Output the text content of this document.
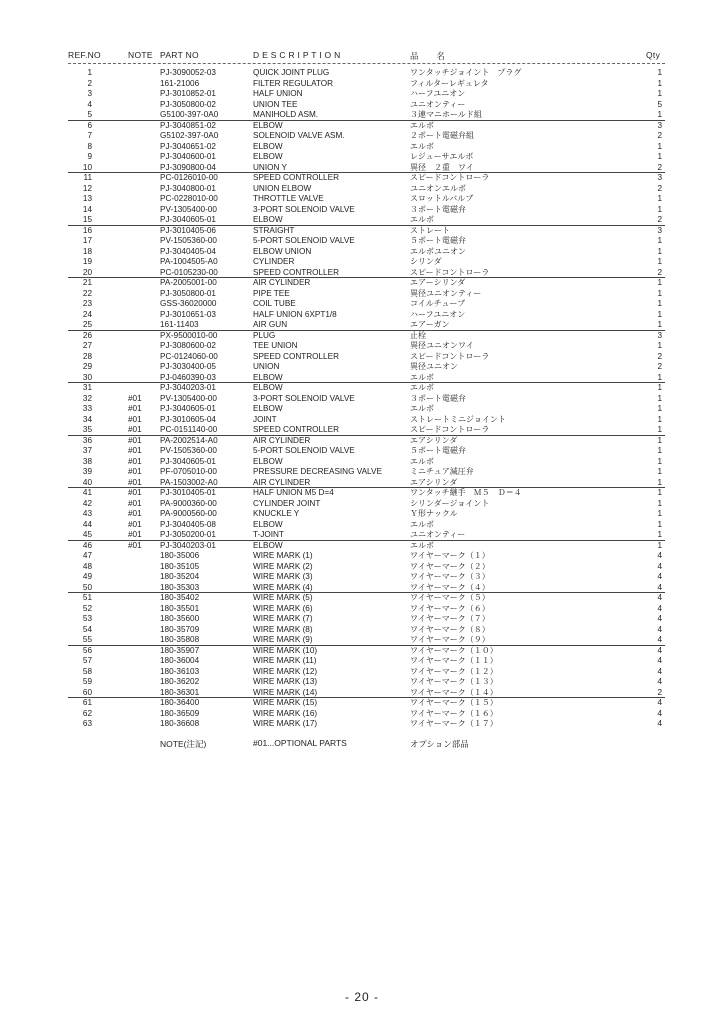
REF.NO	NOTE PART NO	D E S C R I P T I O N	品　　名	Qty
1	PJ-3090052-03	QUICK JOINT PLUG	ワンタッチジョイント　プラグ	1
2	161-21006	FILTER REGULATOR	フィルターレギュレタ	1
3	PJ-3010852-01	HALF UNION	ハーフユニオン	1
4	PJ-3050800-02	UNION TEE	ユニオンティー	5
5	G5100-397-0A0	MANIHOLD ASM.	３連マニホールド組	1
6	PJ-3040851-02	ELBOW	エルボ	3
7	G5102-397-0A0	SOLENOID VALVE ASM.	２ポート電磁弁組	2
8	PJ-3040651-02	ELBOW	エルボ	1
9	PJ-3040600-01	ELBOW	レジューサエルボ	1
10	PJ-3090800-04	UNION Y	異径　２重　ワイ	2
11	PC-0126010-00	SPEED CONTROLLER	スピードコントローラ	3
12	PJ-3040800-01	UNION ELBOW	ユニオンエルボ	2
13	PC-0228010-00	THROTTLE VALVE	スロットルバルブ	1
14	PV-1305400-00	3-PORT SOLENOID VALVE	３ポート電磁弁	1
15	PJ-3040605-01	ELBOW	エルボ	2
16	PJ-3010405-06	STRAIGHT	ストレート	3
17	PV-1505360-00	5-PORT SOLENOID VALVE	５ポート電磁弁	1
18	PJ-3040405-04	ELBOW UNION	エルボユニオン	1
19	PA-1004505-A0	CYLINDER	シリンダ	1
20	PC-0105230-00	SPEED CONTROLLER	スピードコントローラ	2
21	PA-2005001-00	AIR CYLINDER	エアーシリンダ	1
22	PJ-3050800-01	PIPE TEE	異径ユニオンティー	1
23	GSS-36020000	COIL TUBE	コイルチューブ	1
24	PJ-3010651-03	HALF UNION 6XPT1/8	ハーフユニオン	1
25	161-11403	AIR GUN	エアーガン	1
26	PX-9500010-00	PLUG	止栓	3
27	PJ-3080600-02	TEE UNION	異径ユニオンワイ	1
28	PC-0124060-00	SPEED CONTROLLER	スピードコントローラ	2
29	PJ-3030400-05	UNION	異径ユニオン	2
30	PJ-0460390-03	ELBOW	エルボ	1
31	PJ-3040203-01	ELBOW	エルボ	1
32	#01 PV-1305400-00	3-PORT SOLENOID VALVE	３ポート電磁弁	1
33	#01 PJ-3040605-01	ELBOW	エルボ	1
34	#01 PJ-3010605-04	JOINT	ストレートミニジョイント	1
35	#01 PC-0151140-00	SPEED CONTROLLER	スピードコントローラ	1
36	#01 PA-2002514-A0	AIR CYLINDER	エアシリンダ	1
37	#01 PV-1505360-00	5-PORT SOLENOID VALVE	５ポート電磁弁	1
38	#01 PJ-3040605-01	ELBOW	エルボ	1
39	#01 PF-0705010-00	PRESSURE DECREASING VALVE	ミニチュア減圧弁	1
40	#01 PA-1503002-A0	AIR CYLINDER	エアシリンダ	1
41	#01 PJ-3010405-01	HALF UNION M5 D=4	ワンタッチ継手　Ｍ５　Ｄ＝４	1
42	#01 PA-9000360-00	CYLINDER JOINT	シリンダージョイント	1
43	#01 PA-9000560-00	KNUCKLE Y	Ｙ形ナックル	1
44	#01 PJ-3040405-08	ELBOW	エルボ	1
45	#01 PJ-3050200-01	T-JOINT	ユニオンティー	1
46	#01 PJ-3040203-01	ELBOW	エルボ	1
47	180-35006	WIRE MARK (1)	ワイヤーマーク（１）	4
48	180-35105	WIRE MARK (2)	ワイヤーマーク（２）	4
49	180-35204	WIRE MARK (3)	ワイヤーマーク（３）	4
50	180-35303	WIRE MARK (4)	ワイヤーマーク（４）	4
51	180-35402	WIRE MARK (5)	ワイヤーマーク（５）	4
52	180-35501	WIRE MARK (6)	ワイヤーマーク（６）	4
53	180-35600	WIRE MARK (7)	ワイヤーマーク（７）	4
54	180-35709	WIRE MARK (8)	ワイヤーマーク（８）	4
55	180-35808	WIRE MARK (9)	ワイヤーマーク（９）	4
56	180-35907	WIRE MARK (10)	ワイヤーマーク（１０）	4
57	180-36004	WIRE MARK (11)	ワイヤーマーク（１１）	4
58	180-36103	WIRE MARK (12)	ワイヤーマーク（１２）	4
59	180-36202	WIRE MARK (13)	ワイヤーマーク（１３）	4
60	180-36301	WIRE MARK (14)	ワイヤーマーク（１４）	2
61	180-36400	WIRE MARK (15)	ワイヤーマーク（１５）	4
62	180-36509	WIRE MARK (16)	ワイヤーマーク（１６）	4
63	180-36608	WIRE MARK (17)	ワイヤーマーク（１７）	4
NOTE(注記)	#01...OPTIONAL PARTS	オプション部品
- 20 -
